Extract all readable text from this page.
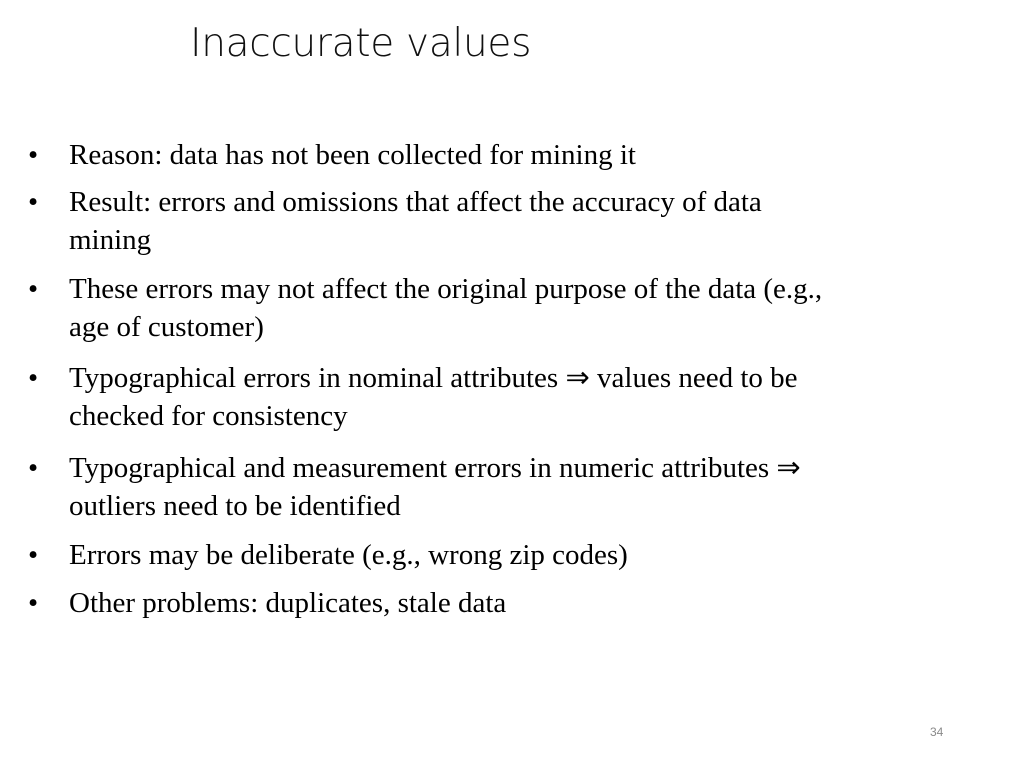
Inaccurate values
•	Reason: data has not been collected for mining it
•	Result: errors and omissions that affect the accuracy of data
mining
•	These errors may not affect the original purpose of the data (e.g.,
age of customer)
•	Typographical errors in nominal attributes ⇒ values need to be
checked for consistency
•	Typographical and measurement errors in numeric attributes ⇒
outliers need to be identified
•	Errors may be deliberate (e.g., wrong zip codes)
•	Other problems: duplicates, stale data
34
